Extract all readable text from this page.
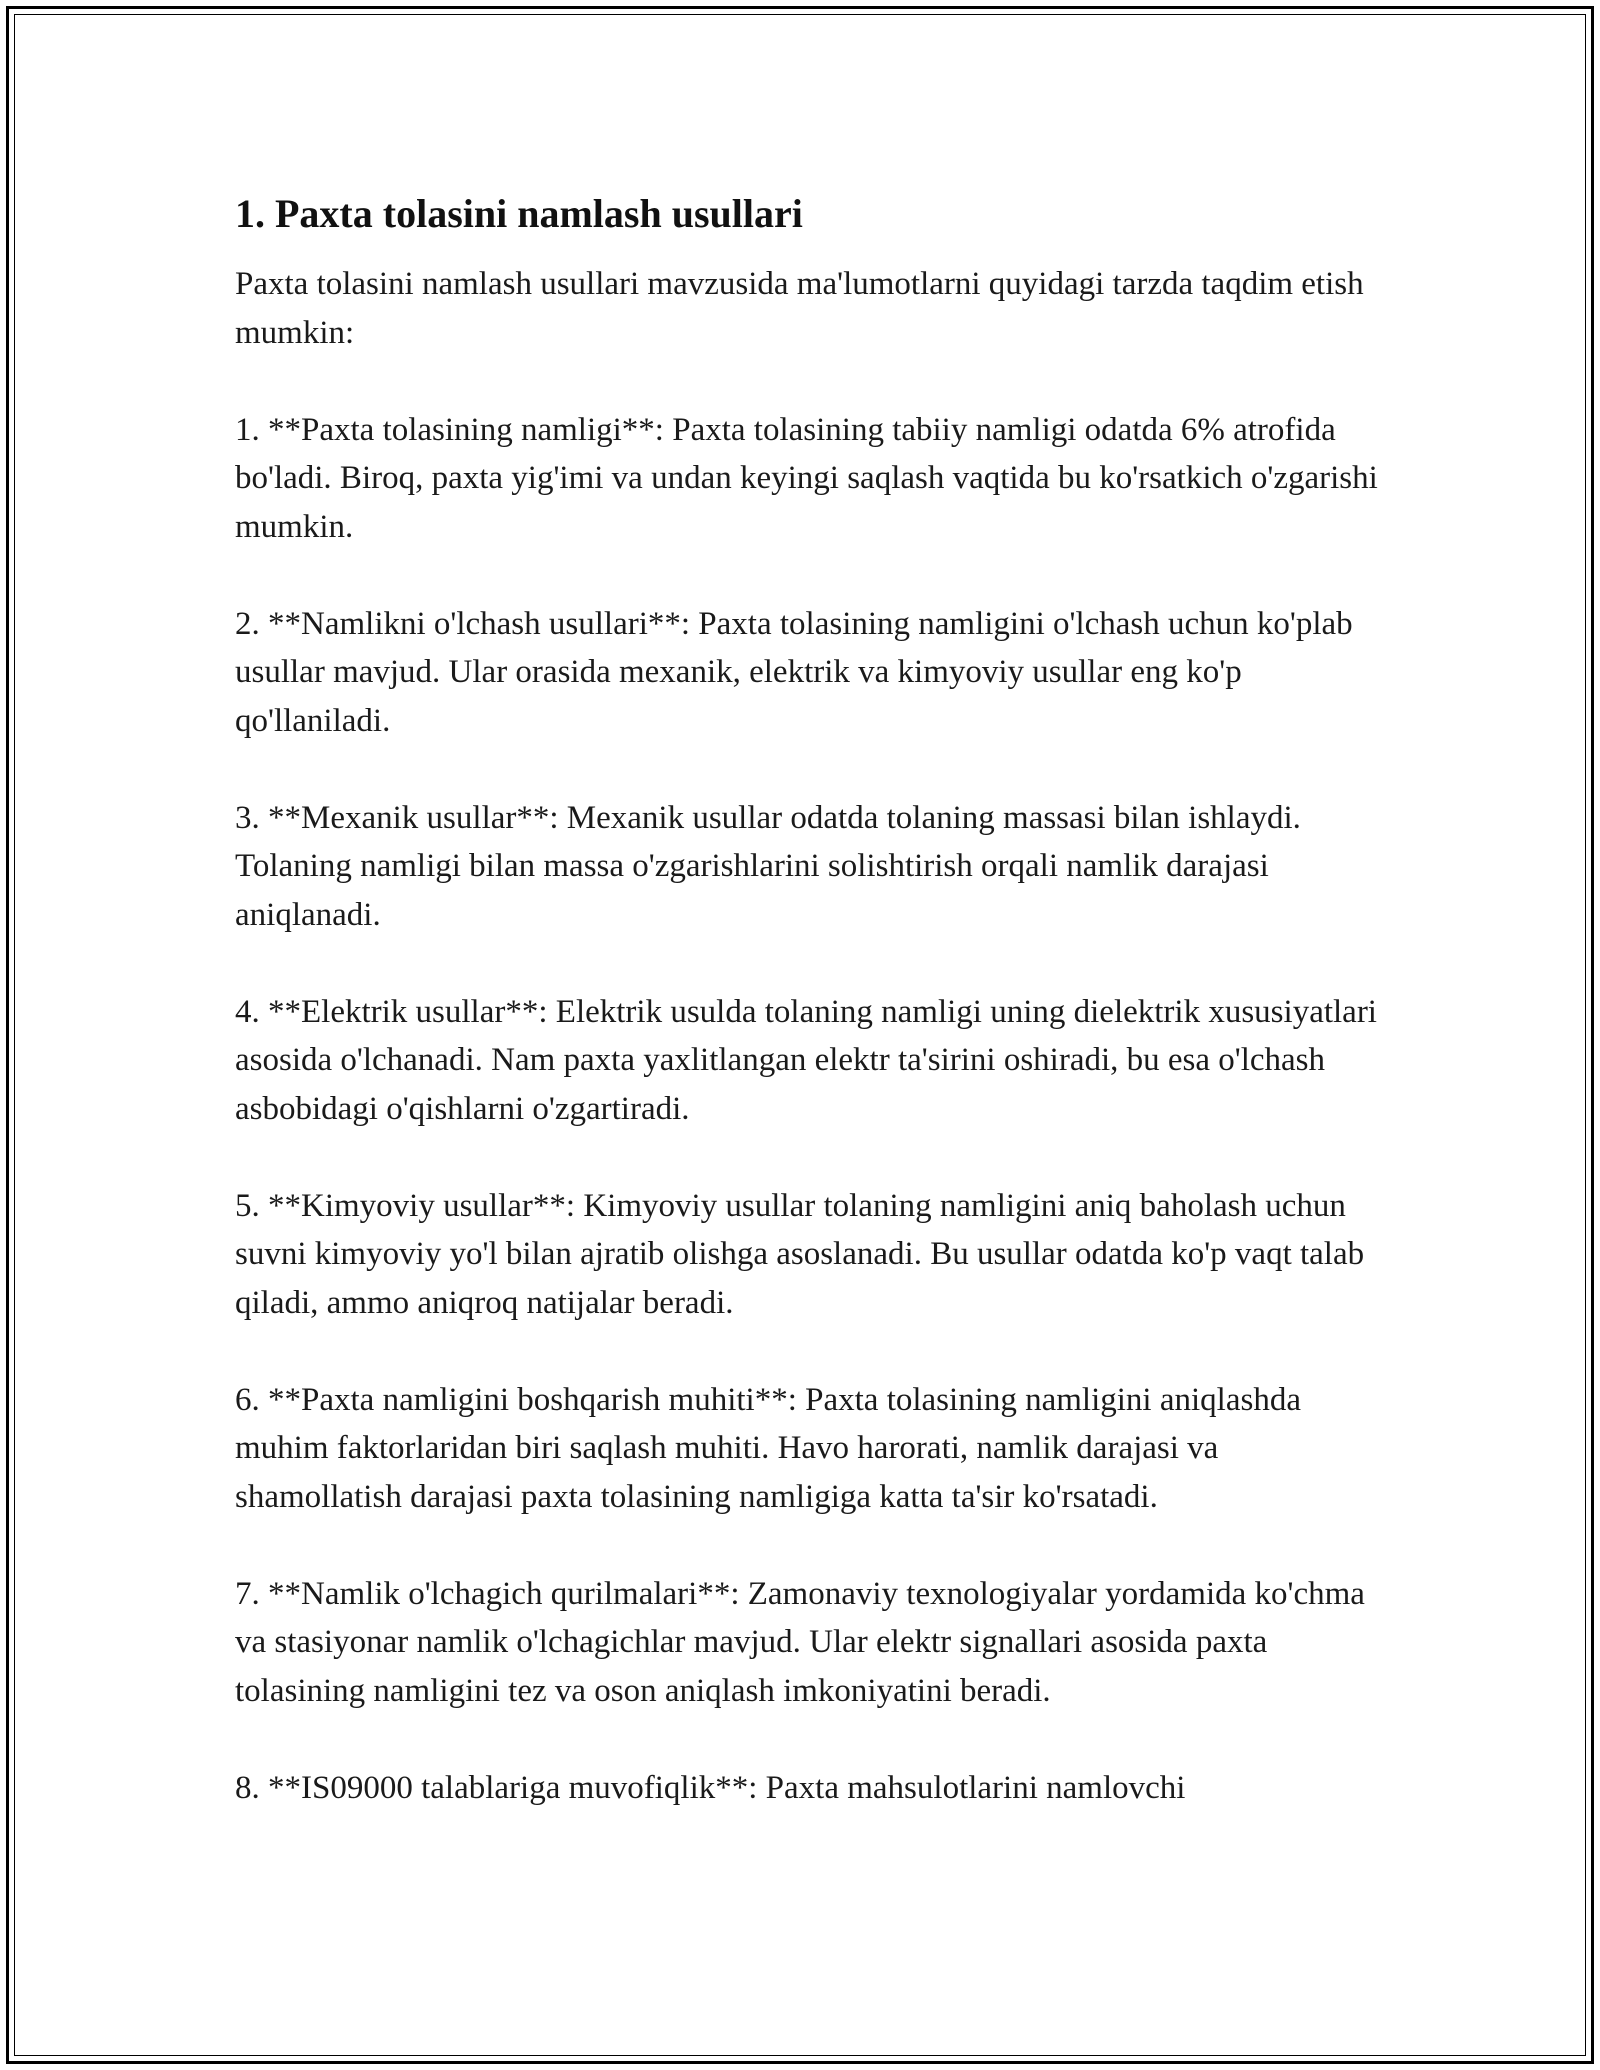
1. Paxta tolasini namlash usullari

Paxta tolasini namlash usullari mavzusida ma'lumotlarni quyidagi tarzda taqdim etish mumkin:

1. **Paxta tolasining namligi**: Paxta tolasining tabiiy namligi odatda 6% atrofida bo'ladi. Biroq, paxta yig'imi va undan keyingi saqlash vaqtida bu ko'rsatkich o'zgarishi mumkin.

2. **Namlikni o'lchash usullari**: Paxta tolasining namligini o'lchash uchun ko'plab usullar mavjud. Ular orasida mexanik, elektrik va kimyoviy usullar eng ko'p qo'llaniladi.

3. **Mexanik usullar**: Mexanik usullar odatda tolaning massasi bilan ishlaydi. Tolaning namligi bilan massa o'zgarishlarini solishtirish orqali namlik darajasi aniqlanadi.

4. **Elektrik usullar**: Elektrik usulda tolaning namligi uning dielektrik xususiyatlari asosida o'lchanadi. Nam paxta yaxlitlangan elektr ta'sirini oshiradi, bu esa o'lchash asbobidagi o'qishlarni o'zgartiradi.

5. **Kimyoviy usullar**: Kimyoviy usullar tolaning namligini aniq baholash uchun suvni kimyoviy yo'l bilan ajratib olishga asoslanadi. Bu usullar odatda ko'p vaqt talab qiladi, ammo aniqroq natijalar beradi.

6. **Paxta namligini boshqarish muhiti**: Paxta tolasining namligini aniqlashda muhim faktorlaridan biri saqlash muhiti. Havo harorati, namlik darajasi va shamollatish darajasi paxta tolasining namligiga katta ta'sir ko'rsatadi.

7. **Namlik o'lchagich qurilmalari**: Zamonaviy texnologiyalar yordamida ko'chma va stasiyonar namlik o'lchagichlar mavjud. Ular elektr signallari asosida paxta tolasining namligini tez va oson aniqlash imkoniyatini beradi.

8. **IS09000 talablariga muvofiqlik**: Paxta mahsulotlarini namlovchi
